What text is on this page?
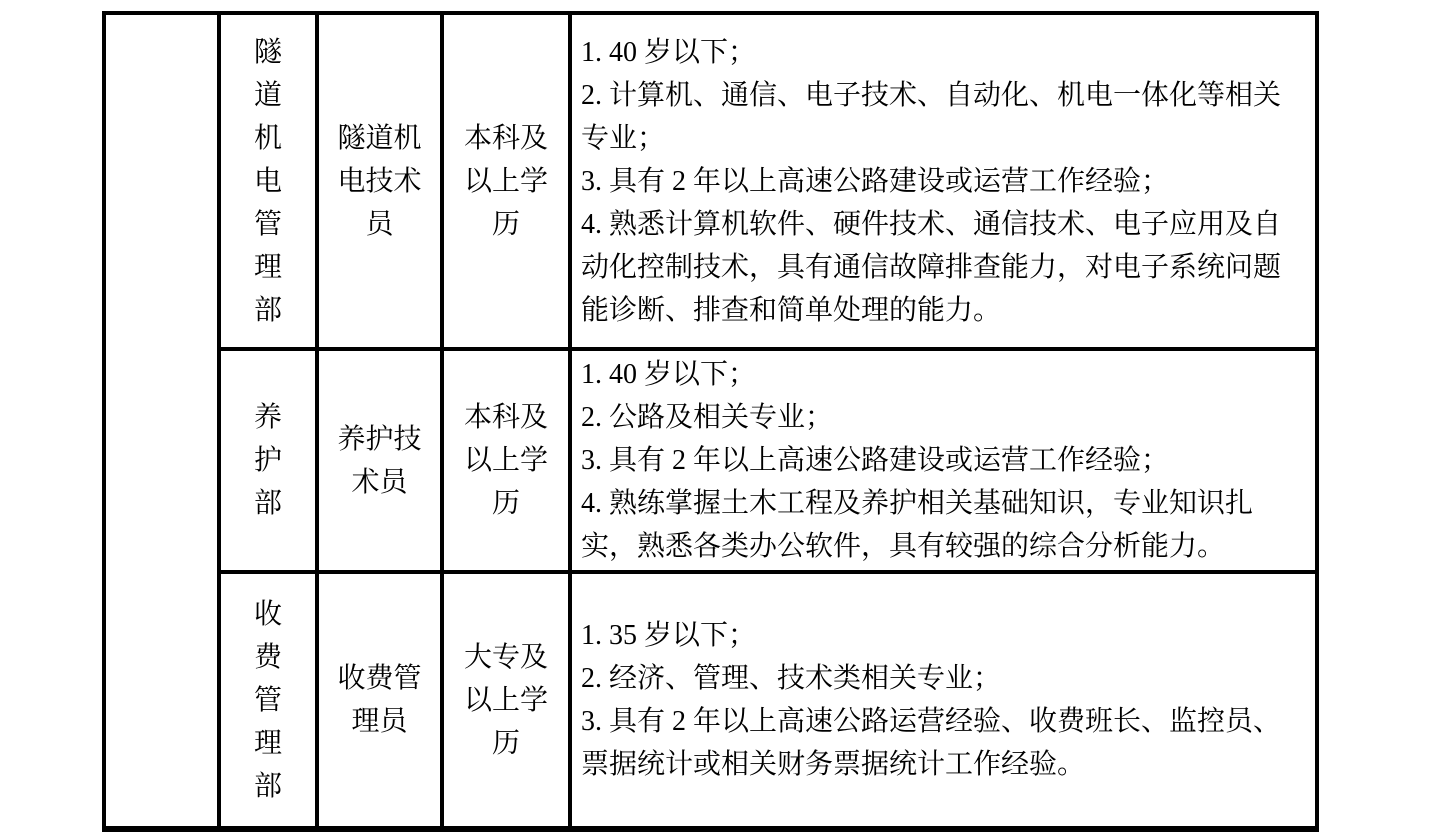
隧
道
机
电
管
理
部
隧道机
电技术
员
本科及
以上学
历
1. 40 岁以下；
2. 计算机、通信、电子技术、自动化、机电一体化等相关
专业；
3. 具有 2 年以上高速公路建设或运营工作经验；
4. 熟悉计算机软件、硬件技术、通信技术、电子应用及自
动化控制技术，具有通信故障排查能力，对电子系统问题
能诊断、排查和简单处理的能力。
养
护
部
养护技
术员
本科及
以上学
历
1. 40 岁以下；
2. 公路及相关专业；
3. 具有 2 年以上高速公路建设或运营工作经验；
4. 熟练掌握土木工程及养护相关基础知识，专业知识扎
实，熟悉各类办公软件，具有较强的综合分析能力。
收
费
管
理
部
收费管
理员
大专及
以上学
历
1. 35 岁以下；
2. 经济、管理、技术类相关专业；
3. 具有 2 年以上高速公路运营经验、收费班长、监控员、
票据统计或相关财务票据统计工作经验。
